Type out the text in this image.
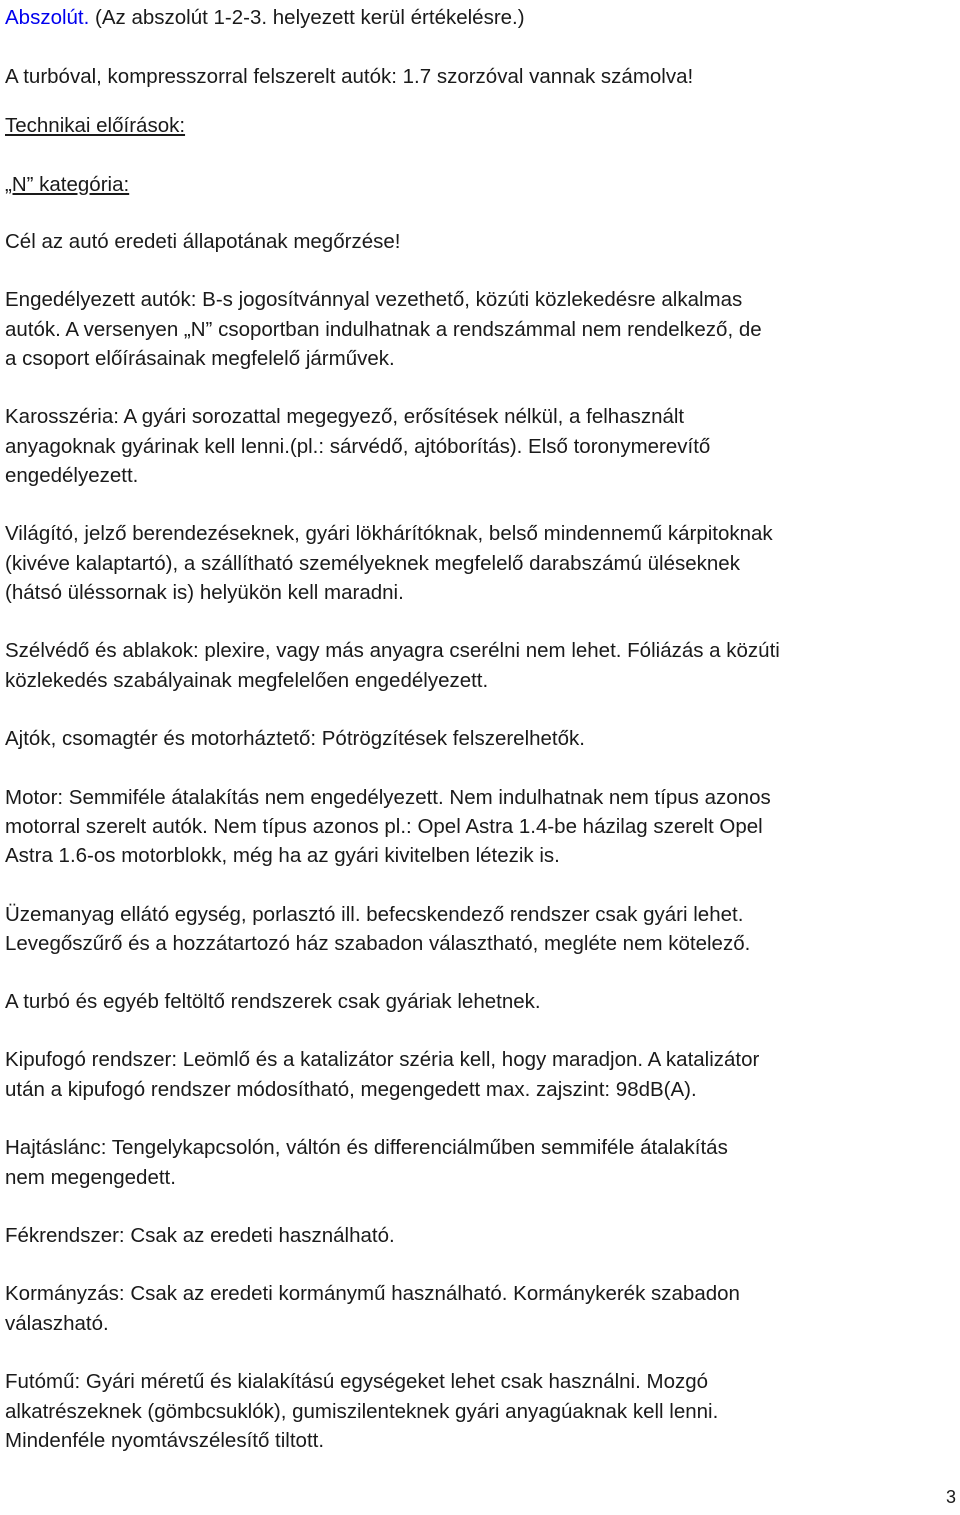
Abszolút. (Az abszolút 1-2-3. helyezett kerül értékelésre.)

A turbóval, kompresszorral felszerelt autók: 1.7 szorzóval vannak számolva!

Technikai előírások:

„N” kategória:

Cél az autó eredeti állapotának megőrzése!

Engedélyezett autók: B-s jogosítvánnyal vezethető, közúti közlekedésre alkalmas

autók. A versenyen „N” csoportban indulhatnak a rendszámmal nem rendelkező, de

a csoport előírásainak megfelelő járművek.

Karosszéria: A gyári sorozattal megegyező, erősítések nélkül, a felhasznált

anyagoknak gyárinak kell lenni.(pl.: sárvédő, ajtóborítás). Első toronymerevítő

engedélyezett.

Világító, jelző berendezéseknek, gyári lökhárítóknak, belső mindennemű kárpitoknak

(kivéve kalaptartó), a szállítható személyeknek megfelelő darabszámú üléseknek

(hátsó üléssornak is) helyükön kell maradni.

Szélvédő és ablakok: plexire, vagy más anyagra cserélni nem lehet. Fóliázás a közúti

közlekedés szabályainak megfelelően engedélyezett.

Ajtók, csomagtér és motorháztető: Pótrögzítések felszerelhetők.

Motor: Semmiféle átalakítás nem engedélyezett. Nem indulhatnak nem típus azonos

motorral szerelt autók. Nem típus azonos pl.: Opel Astra 1.4-be házilag szerelt Opel

Astra 1.6-os motorblokk, még ha az gyári kivitelben létezik is.

Üzemanyag ellátó egység, porlasztó ill. befecskendező rendszer csak gyári lehet.

Levegőszűrő és a hozzátartozó ház szabadon választható, megléte nem kötelező.

A turbó és egyéb feltöltő rendszerek csak gyáriak lehetnek.

Kipufogó rendszer: Leömlő és a katalizátor széria kell, hogy maradjon. A katalizátor

után a kipufogó rendszer módosítható, megengedett max. zajszint: 98dB(A).

Hajtáslánc: Tengelykapcsolón, váltón és differenciálműben semmiféle átalakítás

nem megengedett.

Fékrendszer: Csak az eredeti használható.

Kormányzás: Csak az eredeti kormánymű használható. Kormánykerék szabadon

válaszható.

Futómű: Gyári méretű és kialakítású egységeket lehet csak használni. Mozgó

alkatrészeknek (gömbcsuklók), gumiszilenteknek gyári anyagúaknak kell lenni.

Mindenféle nyomtávszélesítő tiltott.

3
